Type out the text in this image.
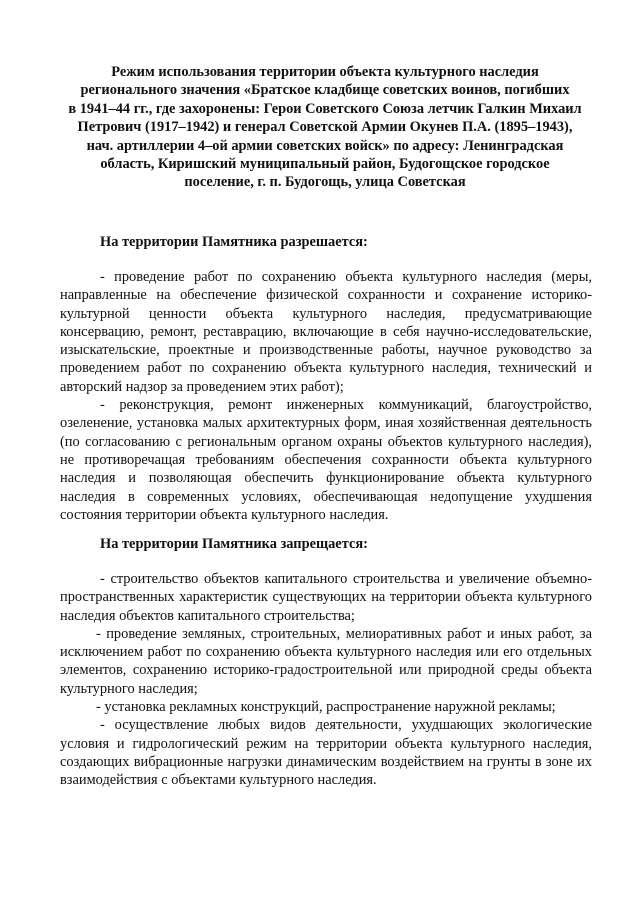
Режим использования территории объекта культурного наследия
регионального значения «Братское кладбище советских воинов, погибших
в 1941–44 гг., где захоронены: Герои Советского Союза летчик Галкин Михаил
Петрович (1917–1942) и генерал Советской Армии Окунев П.А. (1895–1943),
нач. артиллерии 4–ой армии советских войск» по адресу: Ленинградская
область, Киришский муниципальный район, Будогощское городское
поселение, г. п. Будогощь, улица Советская
На территории Памятника разрешается:

- проведение работ по сохранению объекта культурного наследия (меры, направленные на обеспечение физической сохранности и сохранение историко-культурной ценности объекта культурного наследия, предусматривающие консервацию, ремонт, реставрацию, включающие в себя научно-исследовательские, изыскательские, проектные и производственные работы, научное руководство за проведением работ по сохранению объекта культурного наследия, технический и авторский надзор за проведением этих работ);

- реконструкция, ремонт инженерных коммуникаций, благоустройство, озеленение, установка малых архитектурных форм, иная хозяйственная деятельность (по согласованию с региональным органом охраны объектов культурного наследия), не противоречащая требованиям обеспечения сохранности объекта культурного наследия и позволяющая обеспечить функционирование объекта культурного наследия в современных условиях, обеспечивающая недопущение ухудшения состояния территории объекта культурного наследия.

На территории Памятника запрещается:

- строительство объектов капитального строительства и увеличение объемно-пространственных характеристик существующих на территории объекта культурного наследия объектов капитального строительства;

- проведение земляных, строительных, мелиоративных работ и иных работ, за исключением работ по сохранению объекта культурного наследия или его отдельных элементов, сохранению историко-градостроительной или природной среды объекта культурного наследия;

- установка рекламных конструкций, распространение наружной рекламы;

- осуществление любых видов деятельности, ухудшающих экологические условия и гидрологический режим на территории объекта культурного наследия, создающих вибрационные нагрузки динамическим воздействием на грунты в зоне их взаимодействия с объектами культурного наследия.
